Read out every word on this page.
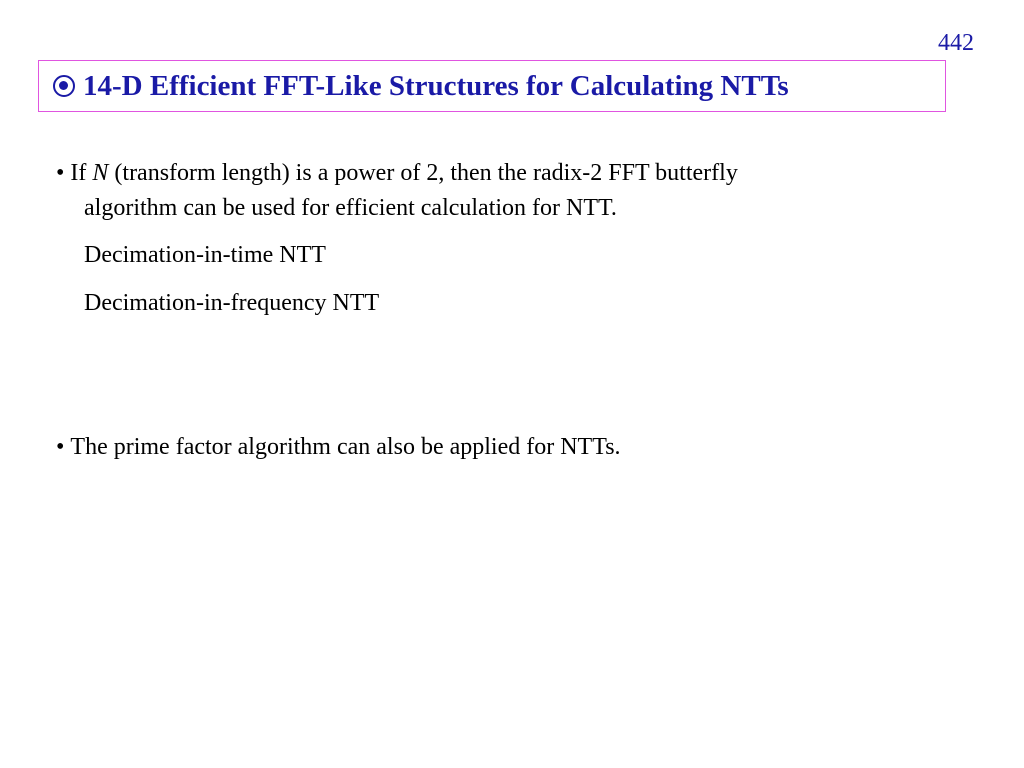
442
14-D Efficient FFT-Like Structures for Calculating NTTs
• If N (transform length) is a power of 2, then the radix-2 FFT butterfly
algorithm can be used for efficient calculation for NTT.
Decimation-in-time NTT
Decimation-in-frequency NTT
• The prime factor algorithm can also be applied for NTTs.
